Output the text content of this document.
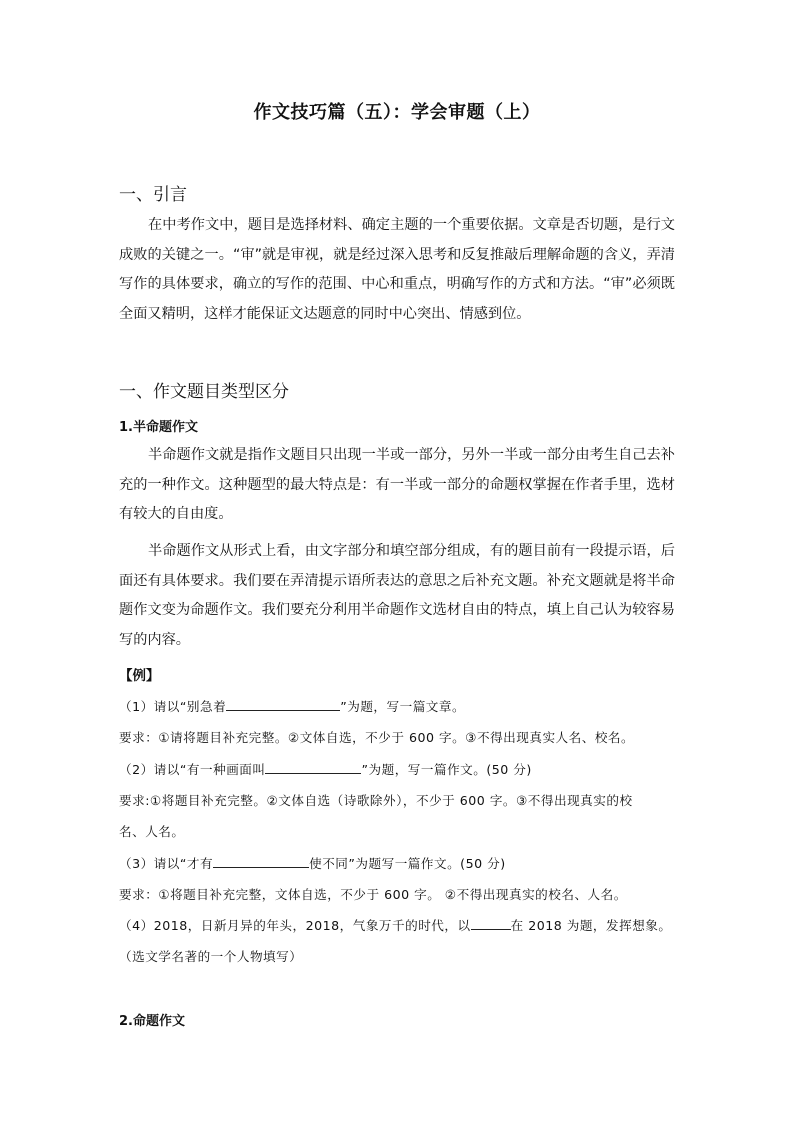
作文技巧篇（五）：学会审题（上）
一、引言

在中考作文中，题目是选择材料、确定主题的一个重要依据。文章是否切题，是行文成败的关键之一。“审”就是审视，就是经过深入思考和反复推敲后理解命题的含义，弄清写作的具体要求，确立的写作的范围、中心和重点，明确写作的方式和方法。“审”必须既全面又精明，这样才能保证文达题意的同时中心突出、情感到位。

一、作文题目类型区分
1.半命题作文

半命题作文就是指作文题目只出现一半或一部分，另外一半或一部分由考生自己去补充的一种作文。这种题型的最大特点是：有一半或一部分的命题权掌握在作者手里，选材有较大的自由度。

半命题作文从形式上看，由文字部分和填空部分组成，有的题目前有一段提示语，后面还有具体要求。我们要在弄清提示语所表达的意思之后补充文题。补充文题就是将半命题作文变为命题作文。我们要充分利用半命题作文选材自由的特点，填上自己认为较容易写的内容。

【例】
（1）请以“别急着	”为题，写一篇文章。
要求：①请将题目补充完整。②文体自选，不少于 600 字。③不得出现真实人名、校名。
（2）请以“有一种画面叫	”为题，写一篇作文。(50 分)
要求:①将题目补充完整。②文体自选（诗歌除外），不少于 600 字。③不得出现真实的校
名、人名。
（3）请以“才有	使不同”为题写一篇作文。(50 分)
要求：①将题目补充完整，文体自选，不少于 600 字。 ②不得出现真实的校名、人名。
（4）2018，日新月异的年头，2018，气象万千的时代，以	在 2018 为题，发挥想象。
（选文学名著的一个人物填写）
2.命题作文
